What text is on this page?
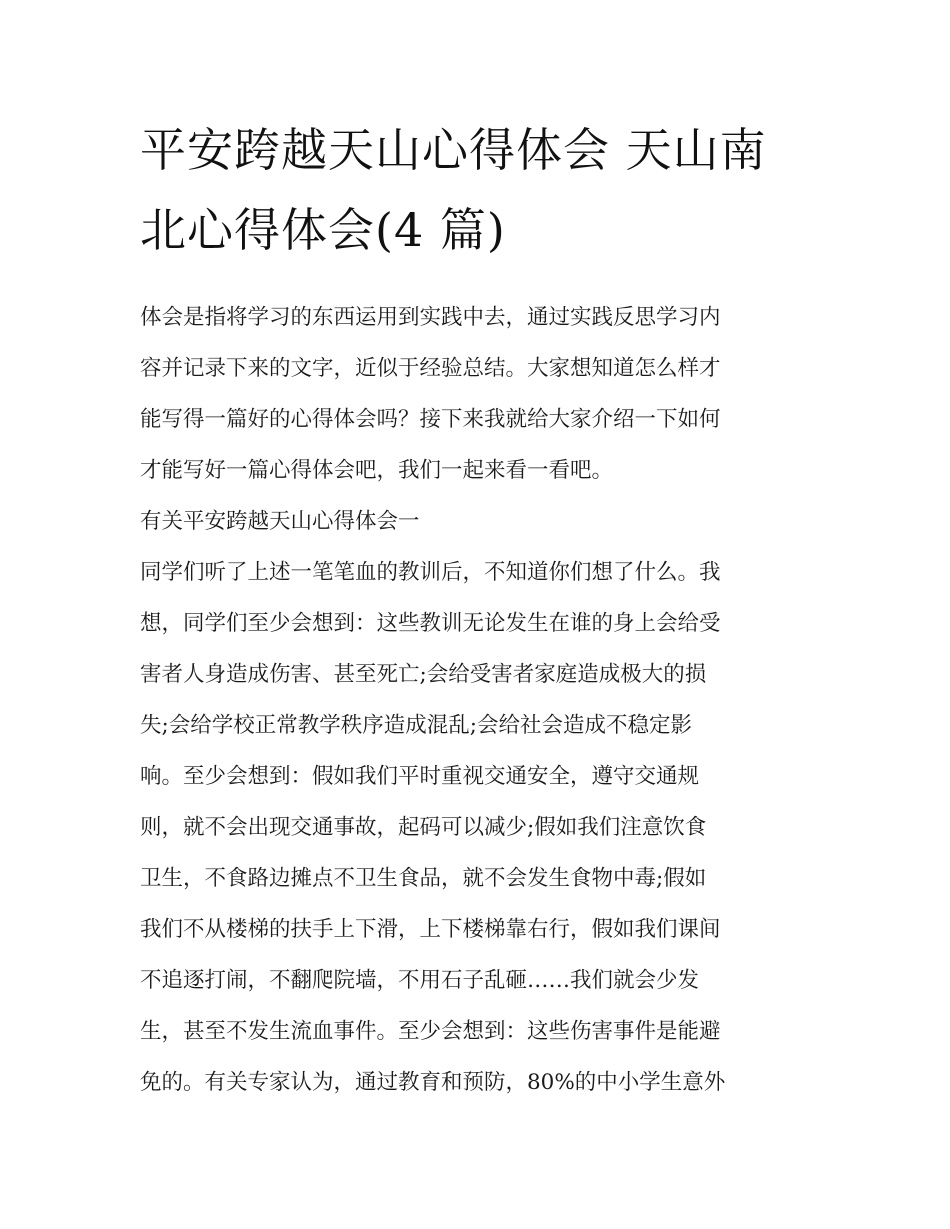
平安跨越天山心得体会 天山南
北心得体会(4 篇)

体会是指将学习的东西运用到实践中去，通过实践反思学习内
容并记录下来的文字，近似于经验总结。大家想知道怎么样才
能写得一篇好的心得体会吗？接下来我就给大家介绍一下如何
才能写好一篇心得体会吧，我们一起来看一看吧。

有关平安跨越天山心得体会一

同学们听了上述一笔笔血的教训后，不知道你们想了什么。我
想，同学们至少会想到：这些教训无论发生在谁的身上会给受
害者人身造成伤害、甚至死亡;会给受害者家庭造成极大的损
失;会给学校正常教学秩序造成混乱;会给社会造成不稳定影
响。至少会想到：假如我们平时重视交通安全，遵守交通规
则，就不会出现交通事故，起码可以减少;假如我们注意饮食
卫生，不食路边摊点不卫生食品，就不会发生食物中毒;假如
我们不从楼梯的扶手上下滑，上下楼梯靠右行，假如我们课间
不追逐打闹，不翻爬院墙，不用石子乱砸……我们就会少发
生，甚至不发生流血事件。至少会想到：这些伤害事件是能避
免的。有关专家认为，通过教育和预防，80%的中小学生意外
